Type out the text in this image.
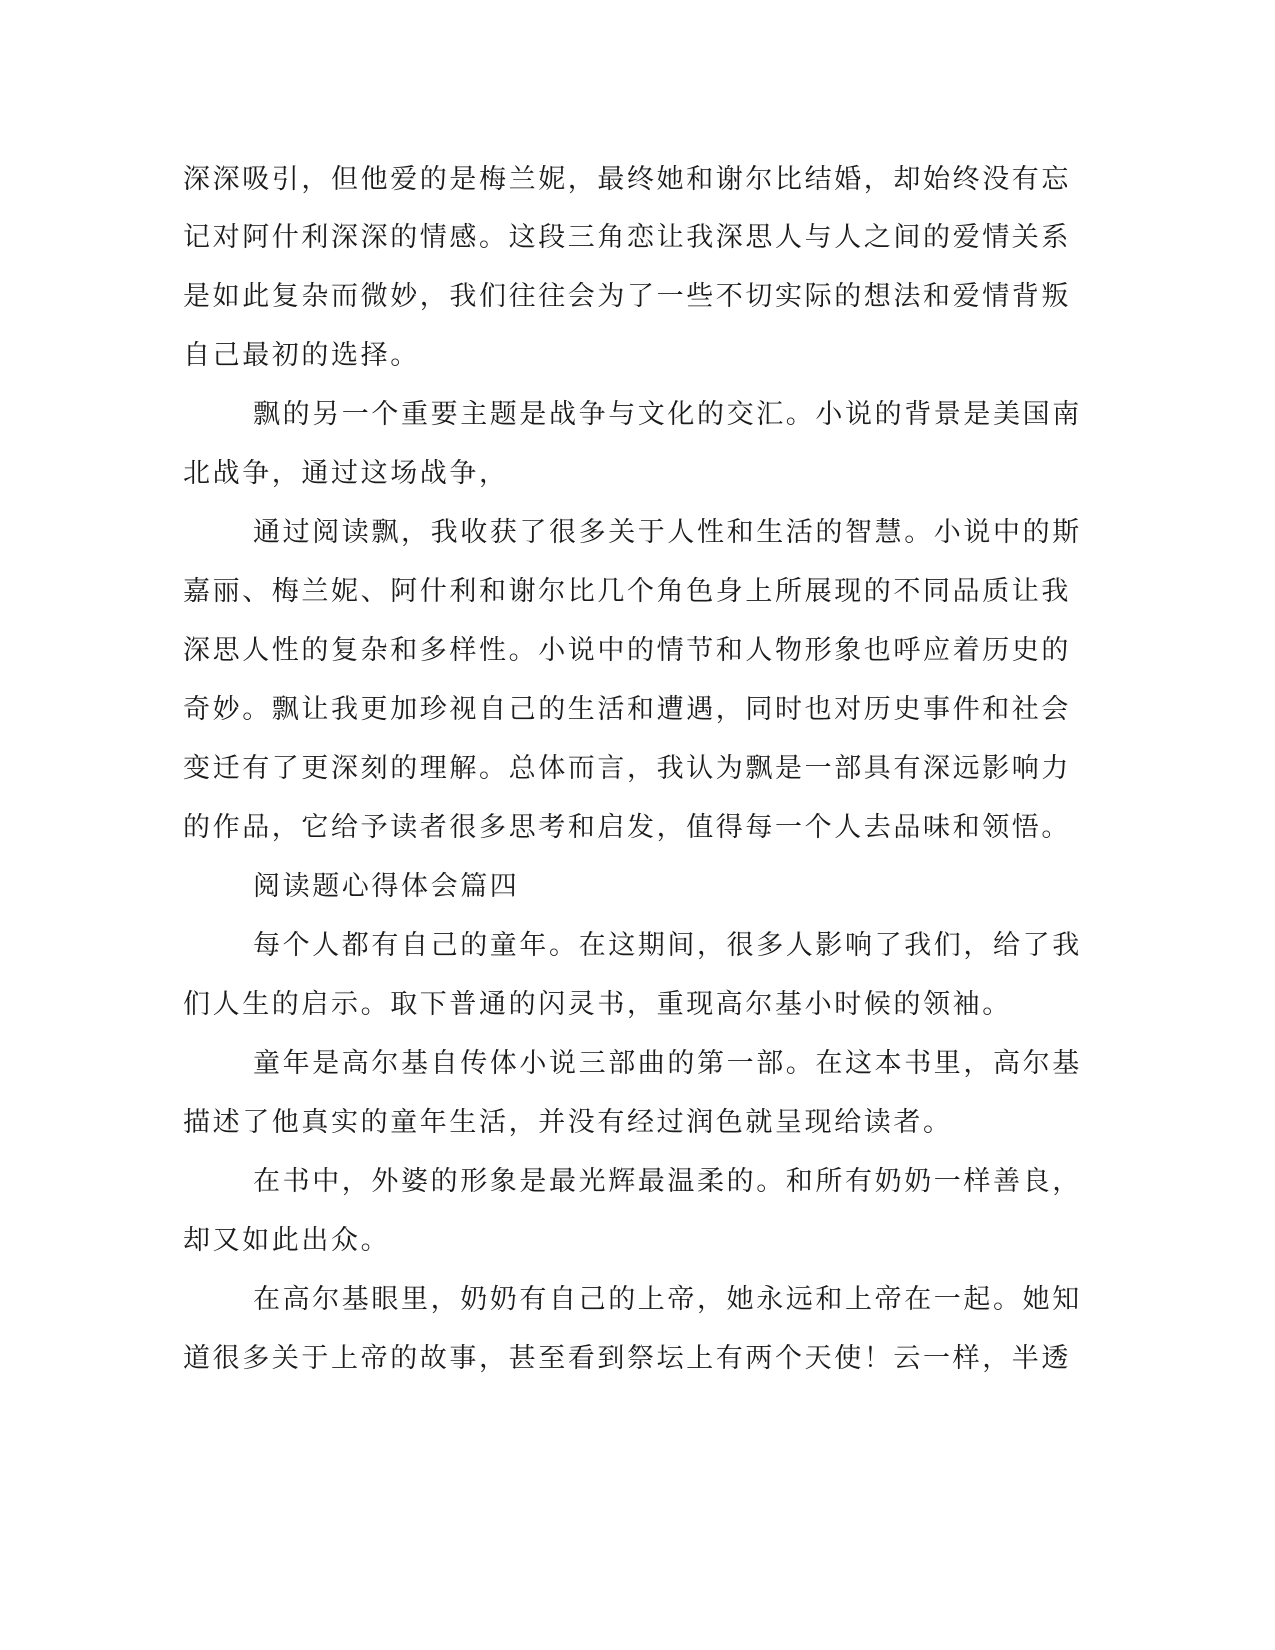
深深吸引，但他爱的是梅兰妮，最终她和谢尔比结婚，却始终没有忘

记对阿什利深深的情感。这段三角恋让我深思人与人之间的爱情关系

是如此复杂而微妙，我们往往会为了一些不切实际的想法和爱情背叛

自己最初的选择。

飘的另一个重要主题是战争与文化的交汇。小说的背景是美国南

北战争，通过这场战争，

通过阅读飘，我收获了很多关于人性和生活的智慧。小说中的斯

嘉丽、梅兰妮、阿什利和谢尔比几个角色身上所展现的不同品质让我

深思人性的复杂和多样性。小说中的情节和人物形象也呼应着历史的

奇妙。飘让我更加珍视自己的生活和遭遇，同时也对历史事件和社会

变迁有了更深刻的理解。总体而言，我认为飘是一部具有深远影响力

的作品，它给予读者很多思考和启发，值得每一个人去品味和领悟。

阅读题心得体会篇四

每个人都有自己的童年。在这期间，很多人影响了我们，给了我

们人生的启示。取下普通的闪灵书，重现高尔基小时候的领袖。

童年是高尔基自传体小说三部曲的第一部。在这本书里，高尔基

描述了他真实的童年生活，并没有经过润色就呈现给读者。

在书中，外婆的形象是最光辉最温柔的。和所有奶奶一样善良，

却又如此出众。

在高尔基眼里，奶奶有自己的上帝，她永远和上帝在一起。她知

道很多关于上帝的故事，甚至看到祭坛上有两个天使！云一样，半透
